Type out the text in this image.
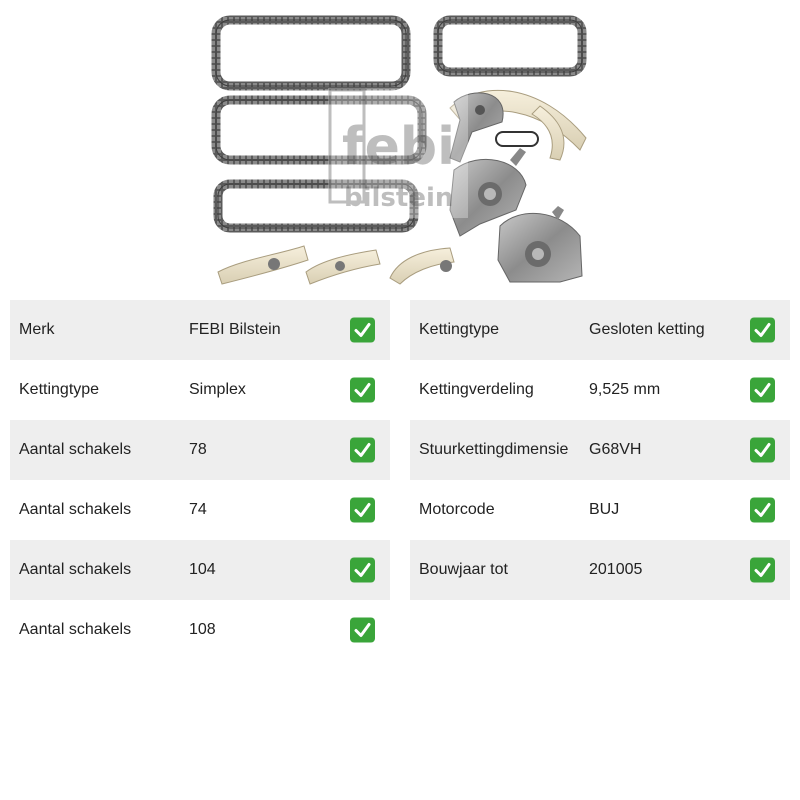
febi
bilstein
Merk	FEBI Bilstein
Kettingtype	Simplex
Aantal schakels	78
Aantal schakels	74
Aantal schakels	104
Aantal schakels	108
Kettingtype	Gesloten ketting
Kettingverdeling	9,525 mm
Stuurkettingdimensie G68VH
Motorcode	BUJ
Bouwjaar tot	201005
